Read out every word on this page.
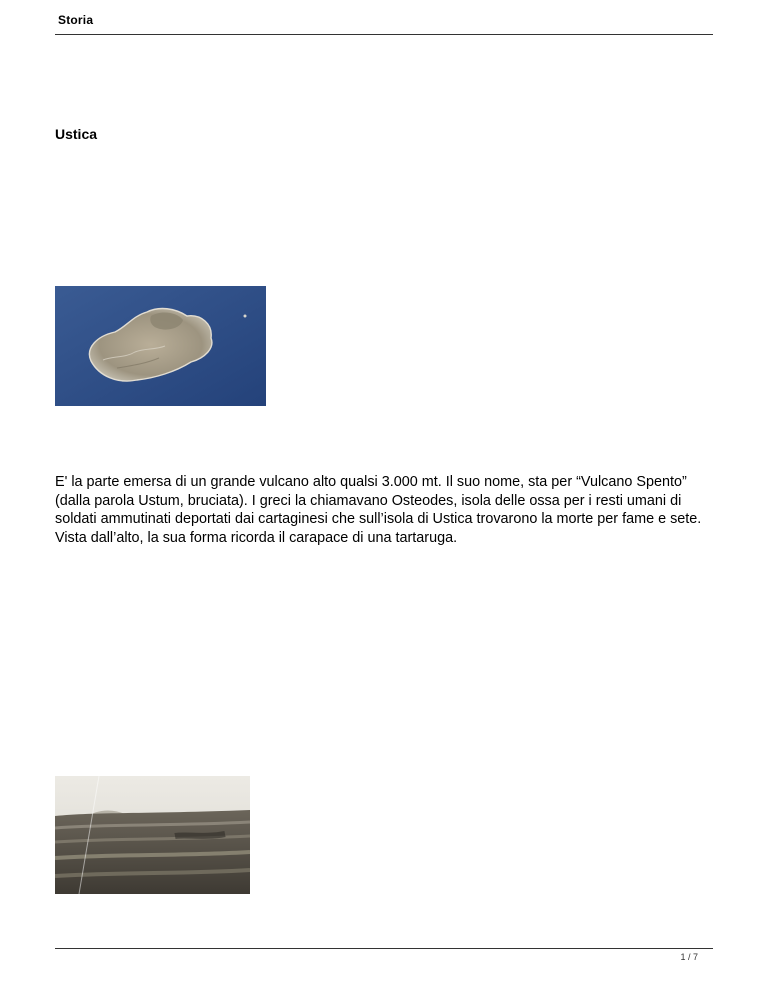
Storia
Ustica

E' la parte emersa di un grande vulcano alto qualsi 3.000 mt. Il suo nome, sta per “Vulcano Spento” (dalla parola Ustum, bruciata). I greci la chiamavano Osteodes, isola delle ossa per i resti umani di soldati ammutinati deportati dai cartaginesi che sull’isola di Ustica trovarono la morte per fame e sete. Vista dall’alto, la sua forma ricorda il carapace di una tartaruga.

1 / 7
